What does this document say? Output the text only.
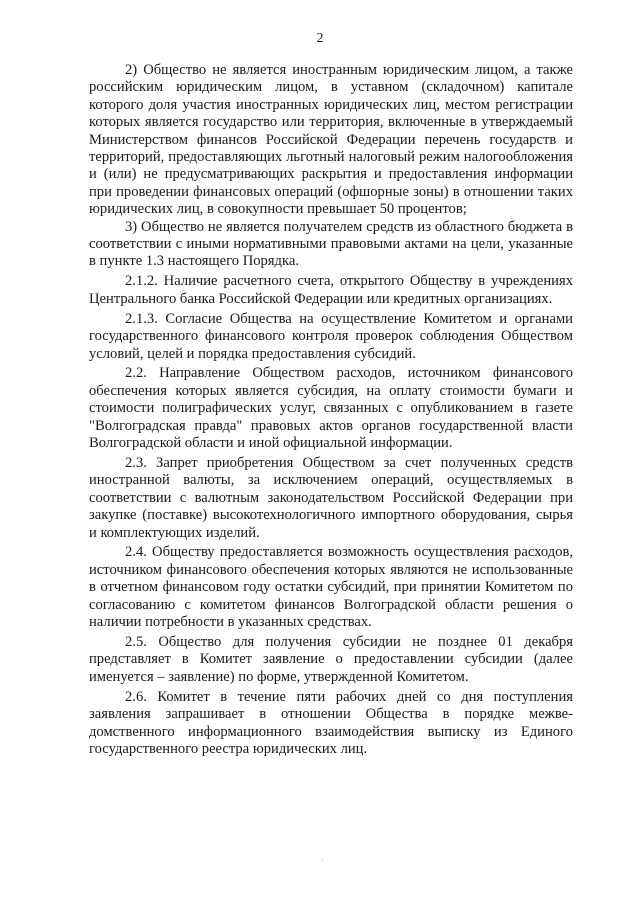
2

2) Общество не является иностранным юридическим лицом, а также российским юридическим лицом, в уставном (складочном) капитале которого доля участия иностранных юридических лиц, местом регистрации которых является государство или территория, включенные в утверждаемый Министерством финансов Российской Федерации перечень государств и территорий, предоставляющих льготный налоговый режим налогообложения и (или) не предусматривающих раскрытия и предоставления информации при проведении финансовых операций (офшорные зоны) в отношении таких юридических лиц, в совокупности превышает 50 процентов;

3) Общество не является получателем средств из областного бюджета в соответствии с иными нормативными правовыми актами на цели, указанные в пункте 1.3 настоящего Порядка.

2.1.2. Наличие расчетного счета, открытого Обществу в учреждениях Центрального банка Российской Федерации или кредитных организациях.

2.1.3. Согласие Общества на осуществление Комитетом и органами государственного финансового контроля проверок соблюдения Обществом условий, целей и порядка предоставления субсидий.

2.2. Направление Обществом расходов, источником финансового обеспечения которых является субсидия, на оплату стоимости бумаги и стоимости полиграфических услуг, связанных с опубликованием в газете "Волгоградская правда" правовых актов органов государственной власти Волгоградской области и иной официальной информации.

2.3. Запрет приобретения Обществом за счет полученных средств иностранной валюты, за исключением операций, осуществляемых в соответствии с валютным законодательством Российской Федерации при закупке (поставке) высокотехнологичного импортного оборудования, сырья и комплектующих изделий.

2.4. Обществу предоставляется возможность осуществления расходов, источником финансового обеспечения которых являются не использованные в отчетном финансовом году остатки субсидий, при принятии Комитетом по согласованию с комитетом финансов Волгоградской области решения о наличии потребности в указанных средствах.

2.5. Общество для получения субсидии не позднее 01 декабря представляет в Комитет заявление о предоставлении субсидии (далее именуется – заявление) по форме, утвержденной Комитетом.

2.6. Комитет в течение пяти рабочих дней со дня поступления заявления запрашивает в отношении Общества в порядке межве-домственного информационного взаимодействия выписку из Единого государственного реестра юридических лиц.
